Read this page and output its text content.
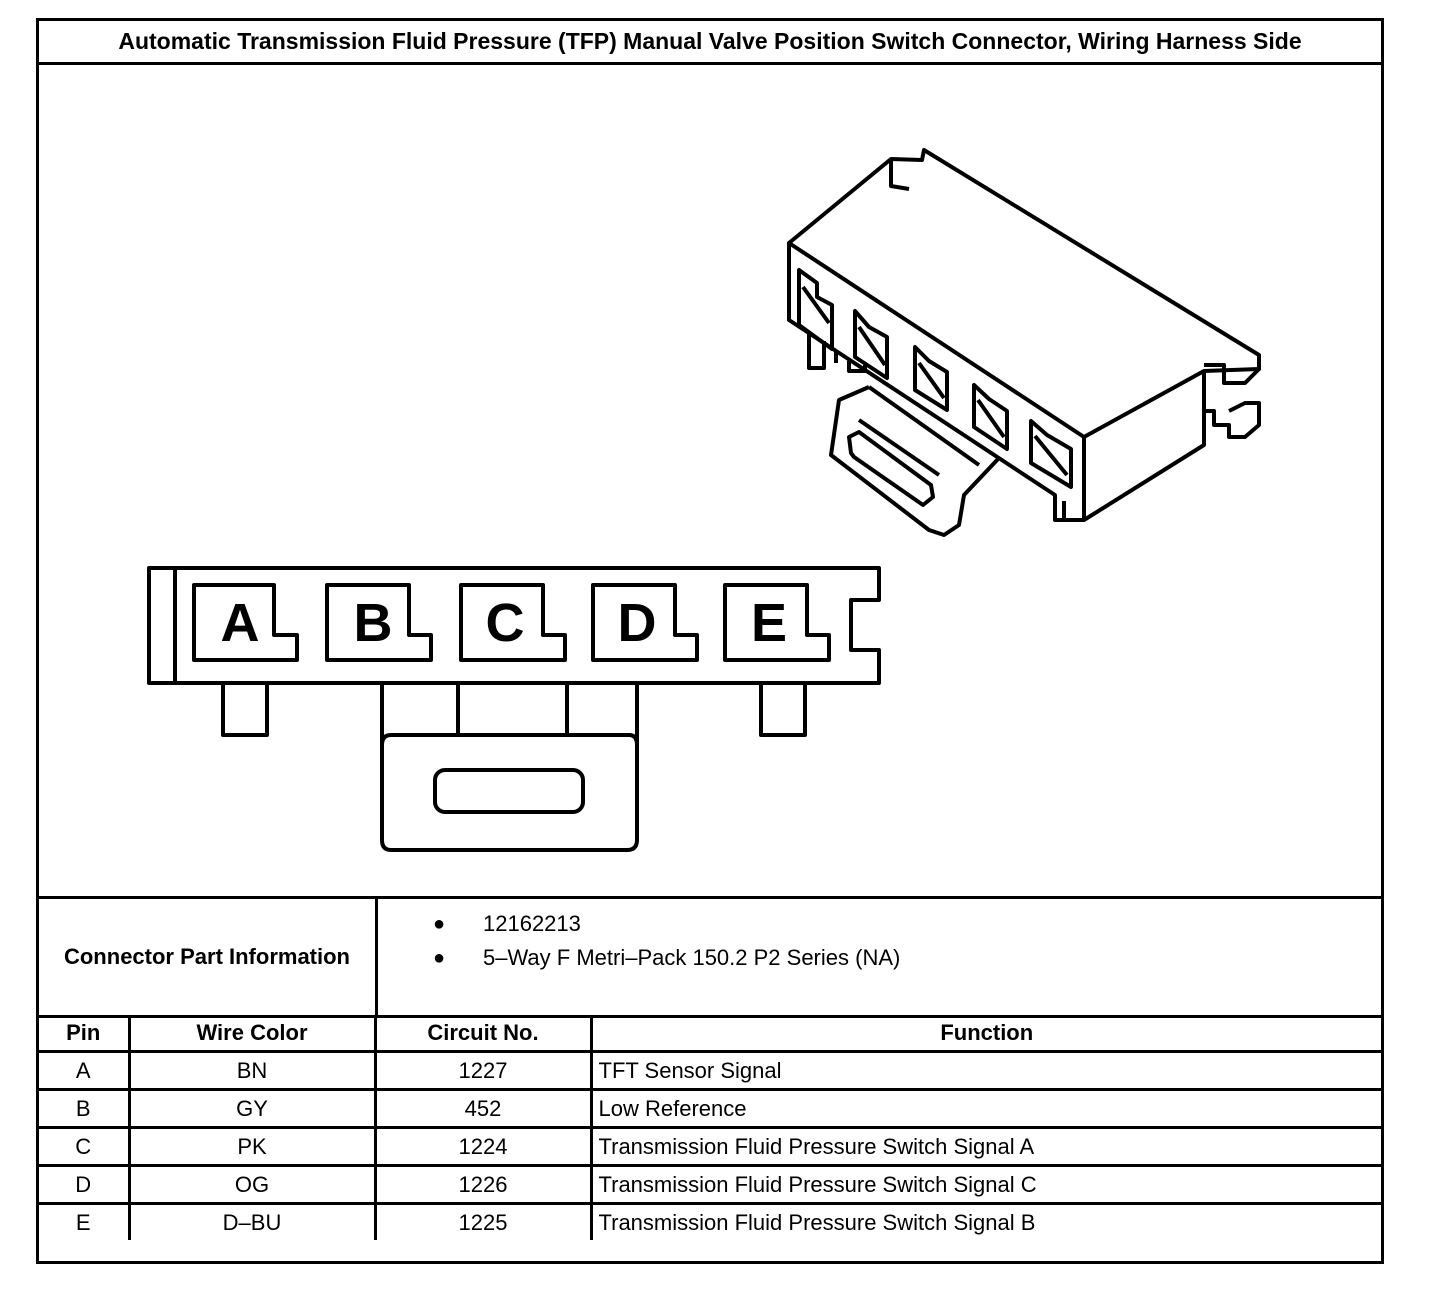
Automatic Transmission Fluid Pressure (TFP) Manual Valve Position Switch Connector, Wiring Harness Side
A B C D E
Connector Part Information
● 12162213
● 5–Way F Metri–Pack 150.2 P2 Series (NA)
Pin	Wire Color	Circuit No.	Function
A	BN	1227	TFT Sensor Signal
B	GY	452	Low Reference
C	PK	1224	Transmission Fluid Pressure Switch Signal A
D	OG	1226	Transmission Fluid Pressure Switch Signal C
E	D–BU	1225	Transmission Fluid Pressure Switch Signal B
